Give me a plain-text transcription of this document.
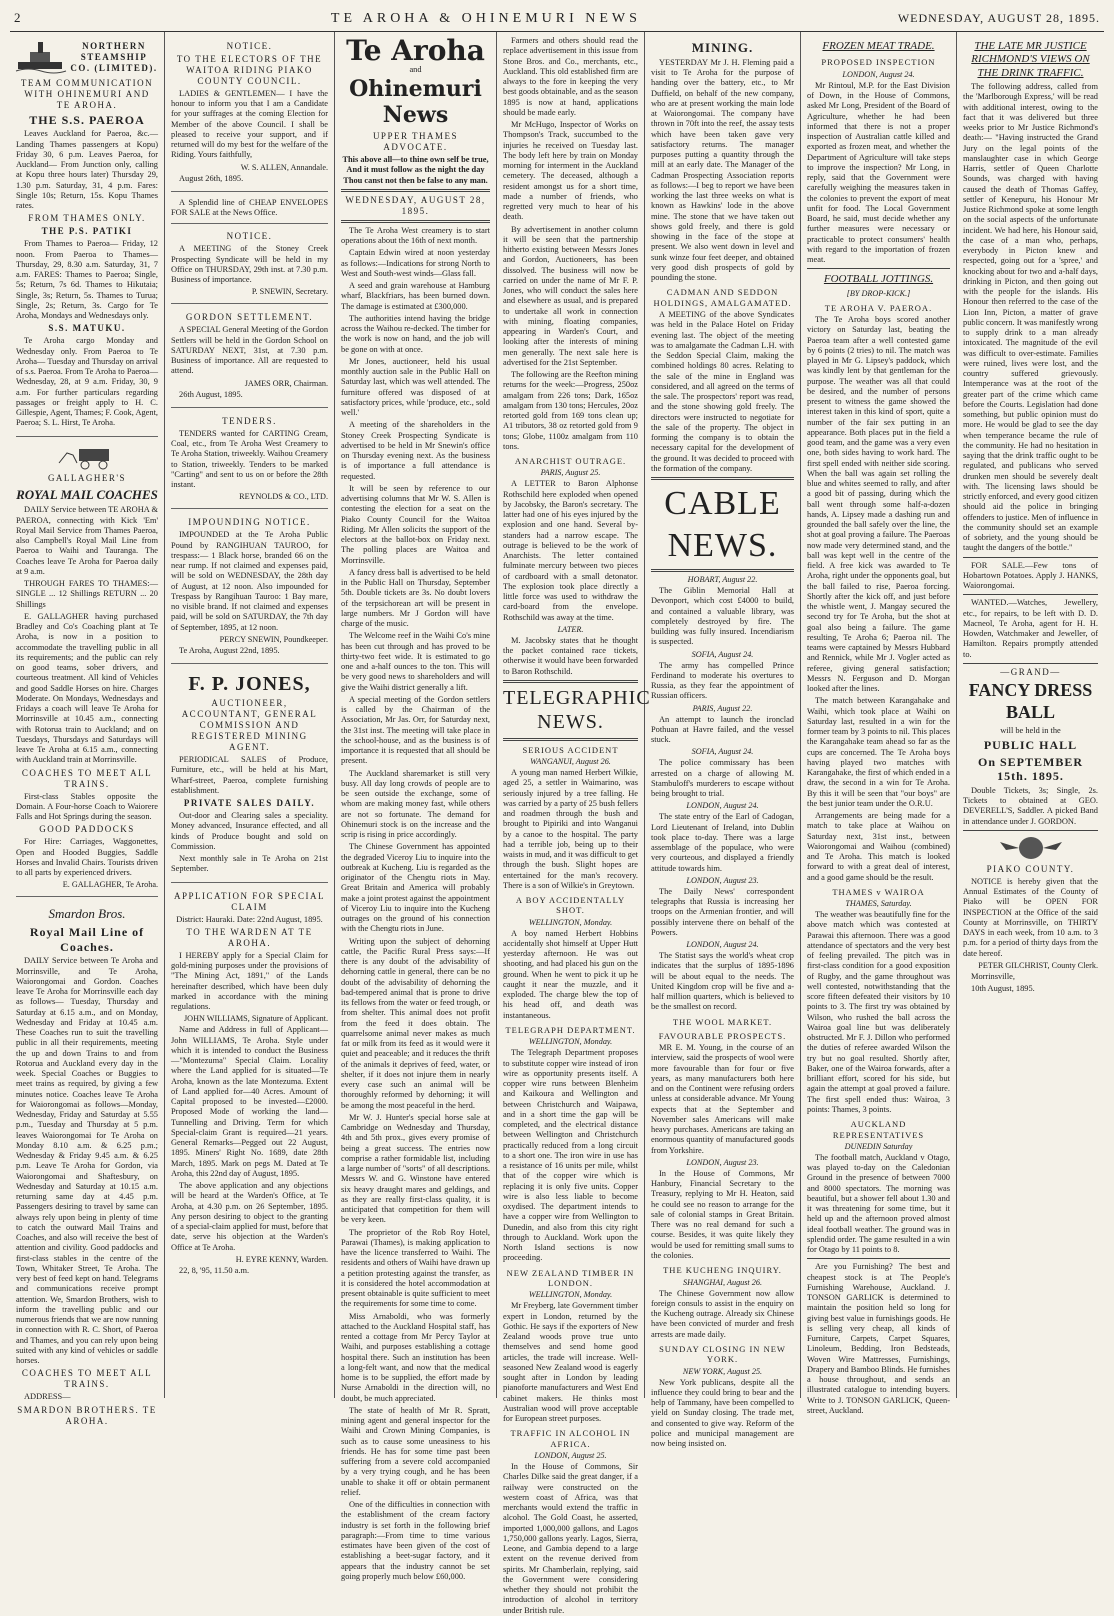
2	TE AROHA & OHINEMURI NEWS	WEDNESDAY, AUGUST 28, 1895.
NORTHERN STEAMSHIP CO. (LIMITED).
TEAM COMMUNICATION WITH OHINEMURI AND TE AROHA.
THE S.S. PAEROA
Leaves Auckland for Paeroa, &c.—Landing Thames passengers at Kopu) Friday 30, 6 p.m. Leaves Paeroa, for Auckland— From Junction only, calling at Kopu three hours later) Thursday 29, 1.30 p.m. Saturday, 31, 4 p.m. Fares: Single 10s; Return, 15s. Kopu Thames rates.
FROM THAMES ONLY.
THE P.S. PATIKI
From Thames to Paeroa— Friday, 12 noon. From Paeroa to Thames— Thursday, 29, 8.30 a.m. Saturday, 31, 7 a.m. FARES: Thames to Paeroa; Single, 5s; Return, 7s 6d. Thames to Hikutaia; Single, 3s; Return, 5s. Thames to Turua; Single, 2s; Return, 3s. Cargo for Te Aroha, Mondays and Wednesdays only.
S.S. MATUKU.
Te Aroha cargo Monday and Wednesday only. From Paeroa to Te Aroha— Tuesday and Thursday on arrival of s.s. Paeroa. From Te Aroha to Paeroa— Wednesday, 28, at 9 a.m. Friday, 30, 9 a.m. For further particulars regarding passages or freight apply to H. C. Gillespie, Agent, Thames; F. Cook, Agent, Paeroa; S. L. Hirst, Te Aroha.
GALLAGHER'S
ROYAL MAIL COACHES
DAILY Service between TE AROHA & PAEROA, connecting with Kick 'Em' Royal Mail Service from Thames Paeroa, also Campbell's Royal Mail Line from Paeroa to Waihi and Tauranga. The Coaches leave Te Aroha for Paeroa daily at 9 a.m.
THROUGH FARES TO THAMES:— SINGLE ... 12 Shillings RETURN ... 20 Shillings
E. GALLAGHER having purchased Bradley and Co's Coaching plant at Te Aroha, is now in a position to accommodate the travelling public in all its requirements; and the public can rely on good teams, sober drivers, and courteous treatment. All kind of Vehicles and good Saddle Horses on hire. Charges Moderate. On Mondays, Wednesdays and Fridays a coach will leave Te Aroha for Morrinsville at 10.45 a.m., connecting with Rotorua train to Auckland; and on Tuesdays, Thursdays and Saturdays will leave Te Aroha at 6.15 a.m., connecting with Auckland train at Morrinsville.
COACHES TO MEET ALL TRAINS.
First-class Stables opposite the Domain. A Four-horse Coach to Waiorere Falls and Hot Springs during the season.
GOOD PADDOCKS
For Hire: Carriages, Waggonettes, Open and Hooded Buggies, Saddle Horses and Invalid Chairs. Tourists driven to all parts by experienced drivers.
E. GALLAGHER, Te Aroha.
Smardon Bros.
Royal Mail Line of Coaches.
DAILY Service between Te Aroha and Morrinsville, and Te Aroha, Waiorongomai and Gordon. Coaches leave Te Aroha for Morrinsville each day as follows— Tuesday, Thursday and Saturday at 6.15 a.m., and on Monday, Wednesday and Friday at 10.45 a.m. These Coaches run to suit the travelling public in all their requirements, meeting the up and down Trains to and from Rotorua and Auckland every day in the week. Special Coaches or Buggies to meet trains as required, by giving a few minutes notice. Coaches leave Te Aroha for Waiorongomai as follows—Monday, Wednesday, Friday and Saturday at 5.55 p.m., Tuesday and Thursday at 5 p.m. leaves Waiorongomai for Te Aroha on Monday 8.10 a.m. & 6.25 p.m.; Wednesday & Friday 9.45 a.m. & 6.25 p.m. Leave Te Aroha for Gordon, via Waiorongomai and Shaftesbury, on Wednesday and Saturday at 10.15 a.m. returning same day at 4.45 p.m. Passengers desiring to travel by same can always rely upon being in plenty of time to catch the outward Mail Trains and Coaches, and also will receive the best of attention and civility. Good paddocks and first-class stables in the centre of the Town, Whitaker Street, Te Aroha. The very best of feed kept on hand. Telegrams and communications receive prompt attention. We, Smardon Brothers, wish to inform the travelling public and our numerous friends that we are now running in connection with R. C. Short, of Paeroa and Thames, and you can rely upon being suited with any kind of vehicles or saddle horses.
COACHES TO MEET ALL TRAINS.
ADDRESS—
SMARDON BROTHERS. TE AROHA.
NOTICE.
TO THE ELECTORS OF THE WAITOA RIDING PIAKO COUNTY COUNCIL.
LADIES & GENTLEMEN— I have the honour to inform you that I am a Candidate for your suffrages at the coming Election for Member of the above Council. I shall be pleased to receive your support, and if returned will do my best for the welfare of the Riding. Yours faithfully,
W. S. ALLEN, Annandale.
August 26th, 1895.
A Splendid line of CHEAP ENVELOPES FOR SALE at the News Office.
NOTICE.
A MEETING of the Stoney Creek Prospecting Syndicate will be held in my Office on THURSDAY, 29th inst. at 7.30 p.m. Business of importance.
P. SNEWIN, Secretary.
GORDON SETTLEMENT.
A SPECIAL General Meeting of the Gordon Settlers will be held in the Gordon School on SATURDAY NEXT, 31st, at 7.30 p.m. Business of importance. All are requested to attend.
JAMES ORR, Chairman.
26th August, 1895.
TENDERS.
TENDERS wanted for CARTING Cream, Coal, etc., from Te Aroha West Creamery to Te Aroha Station, triweekly. Waihou Creamery to Station, triweekly. Tenders to be marked "Carting" and sent to us on or before the 28th instant.
REYNOLDS & CO., LTD.
IMPOUNDING NOTICE.
IMPOUNDED at the Te Aroha Public Pound by RANGIHUAN TAUROO, for trespass:— 1 Black horse, branded 66 on the near rump. If not claimed and expenses paid, will be sold on WEDNESDAY, the 28th day of August, at 12 noon. Also impounded for Trespass by Rangihuan Tauroo: 1 Bay mare, no visible brand. If not claimed and expenses paid, will be sold on SATURDAY, the 7th day of September, 1895, at 12 noon.
PERCY SNEWIN, Poundkeeper.
Te Aroha, August 22nd, 1895.
F. P. JONES,
AUCTIONEER, ACCOUNTANT, GENERAL COMMISSION AND REGISTERED MINING AGENT.
PERIODICAL SALES of Produce, Furniture, etc., will be held at his Mart, Wharf-street, Paeroa, complete furnishing establishment.
PRIVATE SALES DAILY.
Out-door and Clearing sales a speciality. Money advanced, Insurance effected, and all kinds of Produce bought and sold on Commission.
Next monthly sale in Te Aroha on 21st September.
APPLICATION FOR SPECIAL CLAIM
District: Hauraki. Date: 22nd August, 1895.
TO THE WARDEN AT TE AROHA.
I HEREBY apply for a Special Claim for gold-mining purposes under the provisions of "The Mining Act, 1891," of the Lands hereinafter described, which have been duly marked in accordance with the mining regulations.
JOHN WILLIAMS, Signature of Applicant.
Name and Address in full of Applicant—John WILLIAMS, Te Aroha. Style under which it is intended to conduct the Business—"Montezuma" Special Claim. Locality where the Land applied for is situated—Te Aroha, known as the late Montezuma. Extent of Land applied for—40 Acres. Amount of Capital proposed to be invested—£2000. Proposed Mode of working the land—Tunnelling and Driving. Term for which Special-claim Grant is required—21 years. General Remarks—Pegged out 22 August, 1895. Miners' Right No. 1689, date 28th March, 1895. Mark on pegs M. Dated at Te Aroha, this 22nd day of August, 1895.
The above application and any objections will be heard at the Warden's Office, at Te Aroha, at 4.30 p.m. on 26 September, 1895. Any person desiring to object to the granting of a special-claim applied for must, before that date, serve his objection at the Warden's Office at Te Aroha.
H. EYRE KENNY, Warden.
22, 8, '95, 11.50 a.m.
Te Aroha
and
Ohinemuri News
UPPER THAMES ADVOCATE.
This above all—to thine own self be true, And it must follow as the night the day Thou canst not then be false to any man.
WEDNESDAY, AUGUST 28, 1895.
The Te Aroha West creamery is to start operations about the 16th of next month.
Captain Edwin wired at noon yesterday as follows:—Indications for strong North to West and South-west winds—Glass fall.
A seed and grain warehouse at Hamburg wharf, Blackfriars, has been burned down. The damage is estimated at £300,000.
The authorities intend having the bridge across the Waihou re-decked. The timber for the work is now on hand, and the job will be gone on with at once.
Mr Jones, auctioneer, held his usual monthly auction sale in the Public Hall on Saturday last, which was well attended. The furniture offered was disposed of at satisfactory prices, while 'produce, etc., sold well.'
A meeting of the shareholders in the Stoney Creek Prospecting Syndicate is advertised to be held in Mr Snewin's office on Thursday evening next. As the business is of importance a full attendance is requested.
It will be seen by reference to our advertising columns that Mr W. S. Allen is contesting the election for a seat on the Piako County Council for the Waitoa Riding. Mr Allen solicits the support of the electors at the ballot-box on Friday next. The polling places are Waitoa and Morrinsville.
A fancy dress ball is advertised to be held in the Public Hall on Thursday, September 5th. Double tickets are 3s. No doubt lovers of the terpsichorean art will be present in large numbers. Mr J Gordon will have charge of the music.
The Welcome reef in the Waihi Co's mine has been cut through and has proved to be thirty-two feet wide. It is estimated to go one and a-half ounces to the ton. This will be very good news to shareholders and will give the Waihi district generally a lift.
A special meeting of the Gordon settlers is called by the Chairman of the Association, Mr Jas. Orr, for Saturday next, the 31st inst. The meeting will take place in the school-house, and as the business is of importance it is requested that all should be present.
The Auckland sharemarket is still very busy. All day long crowds of people are to be seen outside the exchange, some of whom are making money fast, while others are not so fortunate. The demand for Ohinemuri stock is on the increase and the scrip is rising in price accordingly.
The Chinese Government has appointed the degraded Viceroy Liu to inquire into the outbreak at Kucheng. Liu is regarded as the originator of the Chengtu riots in May. Great Britain and America will probably make a joint protest against the appointment of Viceroy Liu to inquire into the Kucheng outrages on the ground of his connection with the Chengtu riots in June.
Writing upon the subject of dehorning cattle, the Pacific Rural Press says:—If there is any doubt of the advisability of dehorning cattle in general, there can be no doubt of the advisability of dehorning the bad-tempered animal that is prone to drive its fellows from the water or feed trough, or from shelter. This animal does not profit from the feed it does obtain. The quarrelsome animal never makes as much fat or milk from its feed as it would were it quiet and peaceable; and it reduces the thrift of the animals it deprives of feed, water, or shelter, if it does not injure them in nearly every case such an animal will be thoroughly reformed by dehorning; it will be among the most peaceful in the herd.
Mr W. J. Hunter's special horse sale at Cambridge on Wednesday and Thursday, 4th and 5th prox., gives every promise of being a great success. The entries now comprise a rather formidable list, including a large number of "sorts" of all descriptions. Messrs W. and G. Winstone have entered six heavy draught mares and geldings, and as they are really first-class quality, it is anticipated that competition for them will be very keen.
The proprietor of the Rob Roy Hotel, Parawai (Thames), is making application to have the licence transferred to Waihi. The residents and others of Waihi have drawn up a petition protesting against the transfer, as it is considered the hotel accommodation at present obtainable is quite sufficient to meet the requirements for some time to come.
Miss Arnaboldi, who was formerly attached to the Auckland Hospital staff, has rented a cottage from Mr Percy Taylor at Waihi, and purposes establishing a cottage hospital there. Such an institution has been a long-felt want, and now that the medical home is to be supplied, the effort made by Nurse Arnaboldi in the direction will, no doubt, be much appreciated.
The state of health of Mr R. Spratt, mining agent and general inspector for the Waihi and Crown Mining Companies, is such as to cause some uneasiness to his friends. He has for some time past been suffering from a severe cold accompanied by a very trying cough, and he has been unable to shake it off or obtain permanent relief.
One of the difficulties in connection with the establishment of the cream factory industry is set forth in the following brief paragraph:—From time to time various estimates have been given of the cost of establishing a beet-sugar factory, and it appears that the industry cannot be set going properly much below £60,000.
Farmers and others should read the replace advertisement in this issue from Stone Bros. and Co., merchants, etc., Auckland. This old established firm are always to the fore in keeping the very best goods obtainable, and as the season 1895 is now at hand, applications should be made early.
Mr McHugo, Inspector of Works on Thompson's Track, succumbed to the injuries he received on Tuesday last. The body left here by train on Monday morning for interment in the Auckland cemetery. The deceased, although a resident amongst us for a short time, made a number of friends, who regretted very much to hear of his death.
By advertisement in another column it will be seen that the partnership hitherto existing between Messrs Jones and Gordon, Auctioneers, has been dissolved. The business will now be carried on under the name of Mr F. P. Jones, who will conduct the sales here and elsewhere as usual, and is prepared to undertake all work in connection with mining, floating companies, appearing in Warden's Court, and looking after the interests of mining men generally. The next sale here is advertised for the 21st September.
The following are the Reefton mining returns for the week:—Progress, 250oz amalgam from 226 tons; Dark, 165oz amalgam from 130 tons; Hercules, 20oz retorted gold from 169 tons clean up; A1 tributors, 38 oz retorted gold from 9 tons; Globe, 1100z amalgam from 110 tons.
ANARCHIST OUTRAGE.
PARIS, August 25.
A LETTER to Baron Alphonse Rothschild here exploded when opened by Jacobsky, the Baron's secretary. The latter had one of his eyes injured by the explosion and one hand. Several by-standers had a narrow escape. The outrage is believed to be the work of Anarchists. The letter contained fulminate mercury between two pieces of cardboard with a small detonator. The explosion took place directly a little force was used to withdraw the card-board from the envelope. Rothschild was away at the time.
LATER.
M. Jacobsky states that he thought the packet contained race tickets, otherwise it would have been forwarded to Baron Rothschild.
TELEGRAPHIC NEWS.
SERIOUS ACCIDENT
WANGANUI, August 26.
A young man named Herbert Wilkie, aged 25, a settler in Waimarino, was seriously injured by a tree falling. He was carried by a party of 25 bush fellers and roadmen through the bush and brought to Pipiriki and into Wanganui by a canoe to the hospital. The party had a terrible job, being up to their waists in mud, and it was difficult to get through the bush. Slight hopes are entertained for the man's recovery. There is a son of Wilkie's in Greytown.
A BOY ACCIDENTALLY SHOT.
WELLINGTON, Monday.
A boy named Herbert Hobbins accidentally shot himself at Upper Hutt yesterday afternoon. He was out shooting, and had placed his gun on the ground. When he went to pick it up he caught it near the muzzle, and it exploded. The charge blew the top of his head off, and death was instantaneous.
TELEGRAPH DEPARTMENT.
WELLINGTON, Monday.
The Telegraph Department proposes to substitute copper wire instead of iron wire as opportunity presents itself. A copper wire runs between Blenheim and Kaikoura and Wellington and between Christchurch and Waipawa, and in a short time the gap will be completed, and the electrical distance between Wellington and Christchurch practically reduced from a long circuit to a short one. The iron wire in use has a resistance of 16 units per mile, whilst that of the copper wire which is replacing it is only five units. Copper wire is also less liable to become oxydised. The department intends to have a copper wire from Wellington to Dunedin, and also from this city right through to Auckland. Work upon the North Island sections is now proceeding.
NEW ZEALAND TIMBER IN LONDON.
WELLINGTON, Monday.
Mr Freyberg, late Government timber expert in London, returned by the Gothic. He says if the exporters of New Zealand woods prove true unto themselves and send home good articles, the trade will increase. Well-seasoned New Zealand wood is eagerly sought after in London by leading pianoforte manufacturers and West End cabinet makers. He thinks most Australian wood will prove acceptable for European street purposes.
TRAFFIC IN ALCOHOL IN AFRICA.
LONDON, August 25.
In the House of Commons, Sir Charles Dilke said the great danger, if a railway were constructed on the western coast of Africa, was that merchants would extend the traffic in alcohol. The Gold Coast, he asserted, imported 1,000,000 gallons, and Lagos 1,750,000 gallons yearly. Lagos, Sierra, Leone, and Gambia depend to a large extent on the revenue derived from spirits. Mr Chamberlain, replying, said the Government were considering whether they should not prohibit the introduction of alcohol in territory under British rule.
MINING.
YESTERDAY Mr J. H. Fleming paid a visit to Te Aroha for the purpose of handing over the battery, etc., to Mr Duffield, on behalf of the new company, who are at present working the main lode at Waiorongomai. The company have thrown in 70ft into the reef, the assay tests which have been taken gave very satisfactory returns. The manager purposes putting a quantity through the mill at an early date. The Manager of the Cadman Prospecting Association reports as follows:—I beg to report we have been working the last three weeks on what is known as Hawkins' lode in the above mine. The stone that we have taken out shows gold freely, and there is gold showing in the face of the stope at present. We also went down in level and sunk winze four feet deeper, and obtained very good dish prospects of gold by pounding the stone.
CADMAN AND SEDDON HOLDINGS, AMALGAMATED.
A MEETING of the above Syndicates was held in the Palace Hotel on Friday evening last. The object of the meeting was to amalgamate the Cadman L.H. with the Seddon Special Claim, making the combined holdings 80 acres. Relating to the sale of the mine in England was considered, and all agreed on the terms of the sale. The prospectors' report was read, and the stone showing gold freely. The directors were instructed to negotiate for the sale of the property. The object in forming the company is to obtain the necessary capital for the development of the ground. It was decided to proceed with the formation of the company.
CABLE NEWS.
HOBART, August 22.
The Giblin Memorial Hall at Devonport, which cost £4000 to build, and contained a valuable library, was completely destroyed by fire. The building was fully insured. Incendiarism is suspected.
SOFIA, August 24.
The army has compelled Prince Ferdinand to moderate his overtures to Russia, as they fear the appointment of Russian officers.
PARIS, August 22.
An attempt to launch the ironclad Pothuan at Havre failed, and the vessel stuck.
SOFIA, August 24.
The police commissary has been arrested on a charge of allowing M. Stambuloff's murderers to escape without being brought to trial.
LONDON, August 24.
The state entry of the Earl of Cadogan, Lord Lieutenant of Ireland, into Dublin took place to-day. There was a large assemblage of the populace, who were very courteous, and displayed a friendly attitude towards him.
LONDON, August 23.
The Daily News' correspondent telegraphs that Russia is increasing her troops on the Armenian frontier, and will possibly intervene there on behalf of the Powers.
LONDON, August 24.
The Statist says the world's wheat crop indicates that the surplus of 1895-1896 will be about equal to the needs. The United Kingdom crop will be five and a-half million quarters, which is believed to be the smallest on record.
THE WOOL MARKET.
FAVOURABLE PROSPECTS.
MR E. M. Young, in the course of an interview, said the prospects of wool were more favourable than for four or five years, as many manufacturers both here and on the Continent were refusing orders unless at considerable advance. Mr Young expects that at the September and November sales Americans will make heavy purchases. Americans are taking an enormous quantity of manufactured goods from Yorkshire.
LONDON, August 23.
In the House of Commons, Mr Hanbury, Financial Secretary to the Treasury, replying to Mr H. Heaton, said he could see no reason to arrange for the sale of colonial stamps in Great Britain. There was no real demand for such a course. Besides, it was quite likely they would be used for remitting small sums to the colonies.
THE KUCHENG INQUIRY.
SHANGHAI, August 26.
The Chinese Government now allow foreign consuls to assist in the enquiry on the Kucheng outrage. Already six Chinese have been convicted of murder and fresh arrests are made daily.
SUNDAY CLOSING IN NEW YORK.
NEW YORK, August 25.
New York publicans, despite all the influence they could bring to bear and the help of Tammany, have been compelled to yield on Sunday closing. The trade met, and consented to give way. Reform of the police and municipal management are now being insisted on.
FROZEN MEAT TRADE.
PROPOSED INSPECTION
LONDON, August 24.
Mr Rintoul, M.P. for the East Division of Down, in the House of Commons, asked Mr Long, President of the Board of Agriculture, whether he had been informed that there is not a proper inspection of Australian cattle killed and exported as frozen meat, and whether the Department of Agriculture will take steps to improve the inspection? Mr Long, in reply, said that the Government were carefully weighing the measures taken in the colonies to prevent the export of meat unfit for food. The Local Government Board, he said, must decide whether any further measures were necessary or practicable to protect consumers' health with regard to the importation of frozen meat.
FOOTBALL JOTTINGS.
[BY DROP-KICK.]
TE AROHA V. PAEROA.
The Te Aroha boys scored another victory on Saturday last, beating the Paeroa team after a well contested game by 6 points (2 tries) to nil. The match was played in Mr G. Lipsey's paddock, which was kindly lent by that gentleman for the purpose. The weather was all that could be desired, and the number of persons present to witness the game showed the interest taken in this kind of sport, quite a number of the fair sex putting in an appearance. Both places put in the field a good team, and the game was a very even one, both sides having to work hard. The first spell ended with neither side scoring. When the ball was again set rolling the blue and whites seemed to rally, and after a good bit of passing, during which the ball went through some half-a-dozen hands, A. Lipsey made a dashing run and grounded the ball safely over the line, the shot at goal proving a failure. The Paeroas now made very determined stand, and the ball was kept well in the centre of the field. A free kick was awarded to Te Aroha, right under the opponents goal, but the ball failed to rise, Paeroa forcing. Shortly after the kick off, and just before the whistle went, J. Mangay secured the second try for Te Aroha, but the shot at goal also being a failure. The game resulting, Te Aroha 6; Paeroa nil. The teams were captained by Messrs Hubbard and Rennick, while Mr J. Vogler acted as referee, giving general satisfaction; Messrs N. Ferguson and D. Morgan looked after the lines.
The match between Karangahake and Waihi, which took place at Waihi on Saturday last, resulted in a win for the former team by 3 points to nil. This places the Karangahake team ahead so far as the cups are concerned. The Te Aroha boys having played two matches with Karangahake, the first of which ended in a draw, the second in a win for Te Aroha. By this it will be seen that "our boys" are the best junior team under the O.R.U.
Arrangements are being made for a match to take place at Waihou on Saturday next, 31st inst., between Waiorongomai and Waihou (combined) and Te Aroha. This match is looked forward to with a great deal of interest, and a good game should be the result.
THAMES v WAIROA
THAMES, Saturday.
The weather was beautifully fine for the above match which was contested at Parawai this afternoon. There was a good attendance of spectators and the very best of feeling prevailed. The pitch was in first-class condition for a good exposition of Rugby, and the game throughout was well contested, notwithstanding that the score fifteen defeated their visitors by 10 points to 3. The first try was obtained by Wilson, who rushed the ball across the Wairoa goal line but was deliberately obstructed. Mr F. J. Dillon who performed the duties of referee awarded Wilson the try but no goal resulted. Shortly after, Baker, one of the Wairoa forwards, after a brilliant effort, scored for his side, but again the attempt at goal proved a failure. The first spell ended thus: Wairoa, 3 points: Thames, 3 points.
AUCKLAND REPRESENTATIVES
DUNEDIN Saturday
The football match, Auckland v Otago, was played to-day on the Caledonian Ground in the presence of between 7000 and 8000 spectators. The morning was beautiful, but a shower fell about 1.30 and it was threatening for some time, but it held up and the afternoon proved almost ideal football weather. The ground was in splendid order. The game resulted in a win for Otago by 11 points to 8.
Are you Furnishing? The best and cheapest stock is at The People's Furnishing Warehouse, Auckland. J. TONSON GARLICK is determined to maintain the position held so long for giving best value in furnishings goods. He is selling very cheap, all kinds of Furniture, Carpets, Carpet Squares, Linoleum, Bedding, Iron Bedsteads, Woven Wire Mattresses, Furnishings, Drapery and Bamboo Blinds. He furnishes a house throughout, and sends an illustrated catalogue to intending buyers. Write to J. TONSON GARLICK, Queen-street, Auckland.
THE LATE MR JUSTICE RICHMOND'S VIEWS ON THE DRINK TRAFFIC.
The following address, called from the 'Marlborough Express,' will be read with additional interest, owing to the fact that it was delivered but three weeks prior to Mr Justice Richmond's death:— "Having instructed the Grand Jury on the legal points of the manslaughter case in which George Harris, settler of Queen Charlotte Sounds, was charged with having caused the death of Thomas Gaffey, settler of Kenepuru, his Honour Mr Justice Richmond spoke at some length on the social aspects of the unfortunate incident. We had here, his Honour said, the case of a man who, perhaps, everybody in Picton knew and respected, going out for a 'spree,' and knocking about for two and a-half days, drinking in Picton, and then going out with the people for the islands. His Honour then referred to the case of the Lion Inn, Picton, a matter of grave public concern. It was manifestly wrong to supply drink to a man already intoxicated. The magnitude of the evil was difficult to over-estimate. Families were ruined, lives were lost, and the country suffered grievously. Intemperance was at the root of the greater part of the crime which came before the Courts. Legislation had done something, but public opinion must do more. He would be glad to see the day when temperance became the rule of the community. He had no hesitation in saying that the drink traffic ought to be regulated, and publicans who served drunken men should be severely dealt with. The licensing laws should be strictly enforced, and every good citizen should aid the police in bringing offenders to justice. Men of influence in the community should set an example of sobriety, and the young should be taught the dangers of the bottle."
FOR SALE.—Few tons of Hobartown Potatoes. Apply J. HANKS, Waiorongomai.
WANTED.—Watches, Jewellery, etc., for repairs, to be left with D. D. Macneol, Te Aroha, agent for H. H. Howden, Watchmaker and Jeweller, of Hamilton. Repairs promptly attended to.
—GRAND—
FANCY DRESS BALL
will be held in the
PUBLIC HALL
On SEPTEMBER 15th. 1895.
Double Tickets, 3s; Single, 2s. Tickets to obtained at GEO. DEVERELL'S, Saddler. A picked Band in attendance under J. GORDON.
PIAKO COUNTY.
NOTICE is hereby given that the Annual Estimates of the County of Piako will be OPEN FOR INSPECTION at the Office of the said County at Morrinsville, on THIRTY DAYS in each week, from 10 a.m. to 3 p.m. for a period of thirty days from the date hereof.
PETER GILCHRIST, County Clerk.
Morrinsville,
10th August, 1895.
